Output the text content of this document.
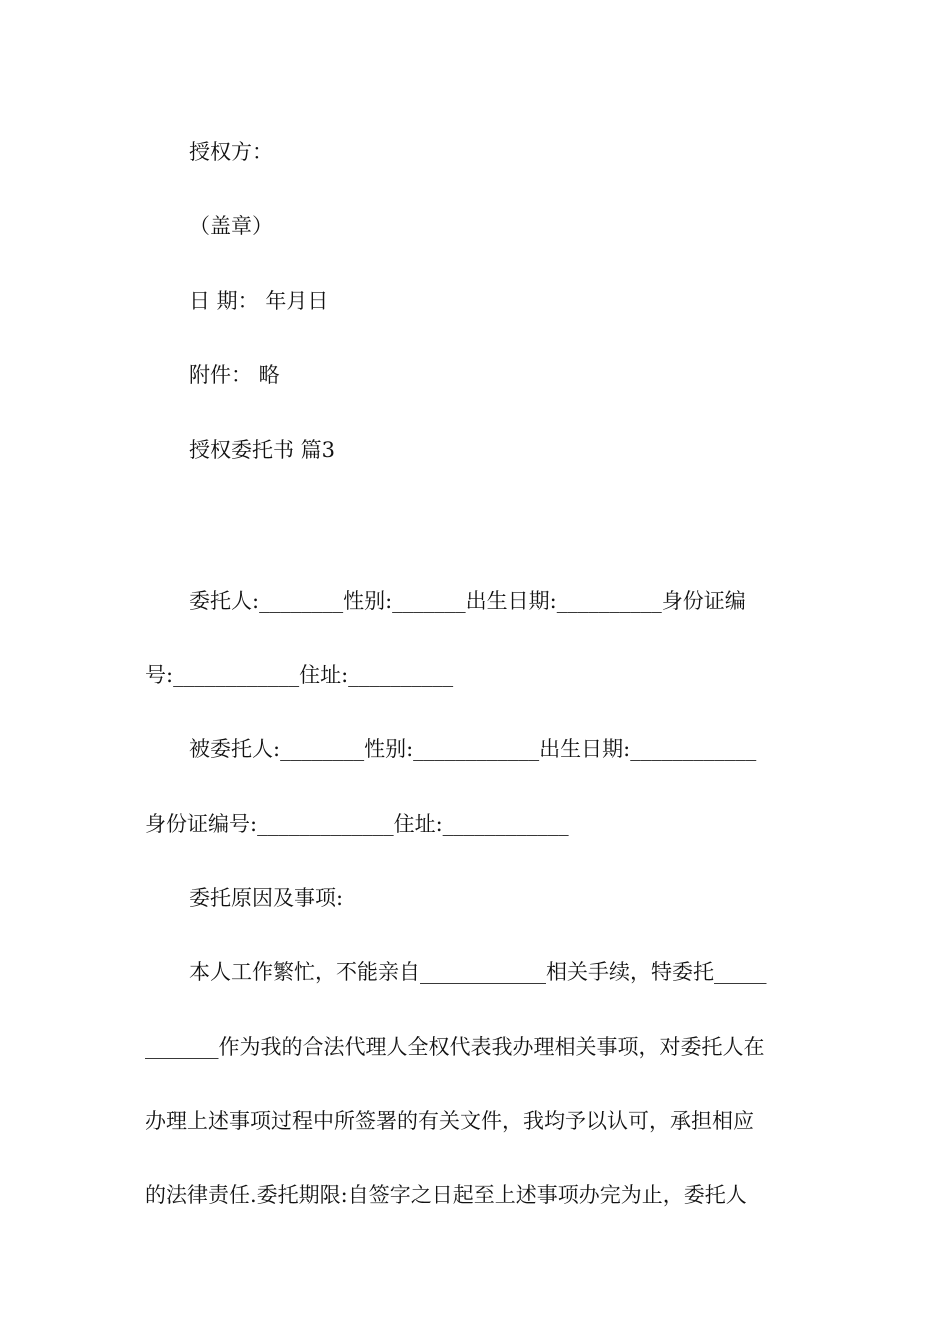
授权方：
（盖章）
日 期： 年月日
附件： 略
授权委托书 篇3
委托人:________性别:_______出生日期:__________身份证编
号:____________住址:__________
被委托人:________性别:____________出生日期:____________
身份证编号:_____________住址:____________
委托原因及事项:
本人工作繁忙，不能亲自____________相关手续，特委托_____
_______作为我的合法代理人全权代表我办理相关事项，对委托人在
办理上述事项过程中所签署的有关文件，我均予以认可，承担相应
的法律责任.委托期限:自签字之日起至上述事项办完为止，委托人
